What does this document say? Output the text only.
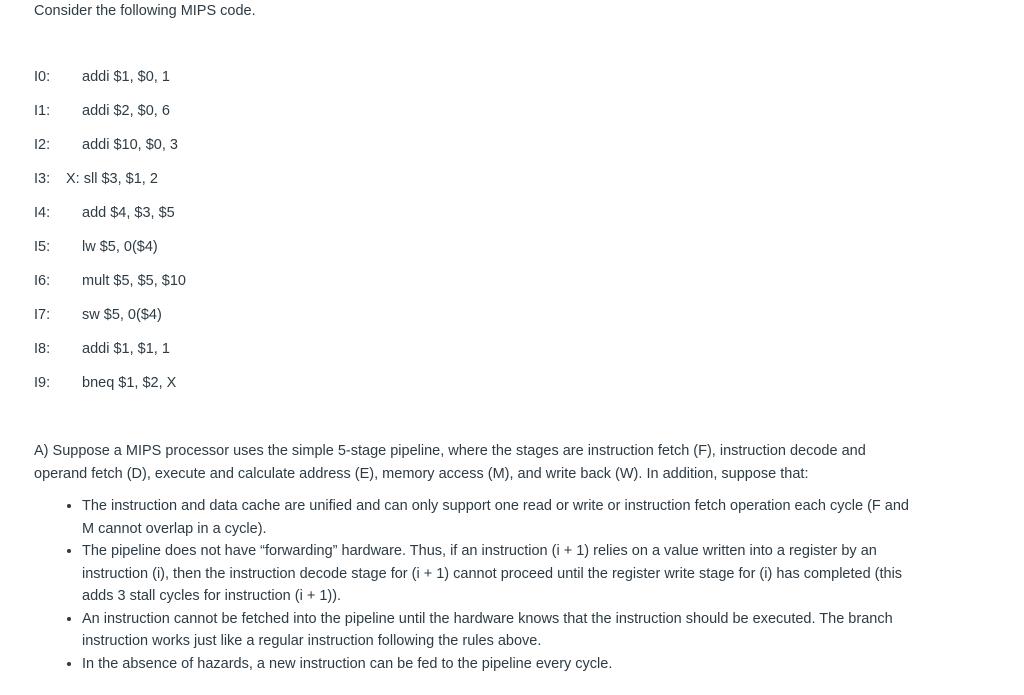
Consider the following MIPS code.
I0: addi $1, $0, 1
I1: addi $2, $0, 6
I2: addi $10, $0, 3
I3: X: sll $3, $1, 2
I4: add $4, $3, $5
I5: lw $5, 0($4)
I6: mult $5, $5, $10
I7: sw $5, 0($4)
I8: addi $1, $1, 1
I9: bneq $1, $2, X

A) Suppose a MIPS processor uses the simple 5-stage pipeline, where the stages are instruction fetch (F), instruction decode and operand fetch (D), execute and calculate address (E), memory access (M), and write back (W). In addition, suppose that:

• The instruction and data cache are unified and can only support one read or write or instruction fetch operation each cycle (F and M cannot overlap in a cycle).
• The pipeline does not have “forwarding” hardware. Thus, if an instruction (i + 1) relies on a value written into a register by an instruction (i), then the instruction decode stage for (i + 1) cannot proceed until the register write stage for (i) has completed (this adds 3 stall cycles for instruction (i + 1)).
• An instruction cannot be fetched into the pipeline until the hardware knows that the instruction should be executed. The branch instruction works just like a regular instruction following the rules above.
• In the absence of hazards, a new instruction can be fed to the pipeline every cycle.
